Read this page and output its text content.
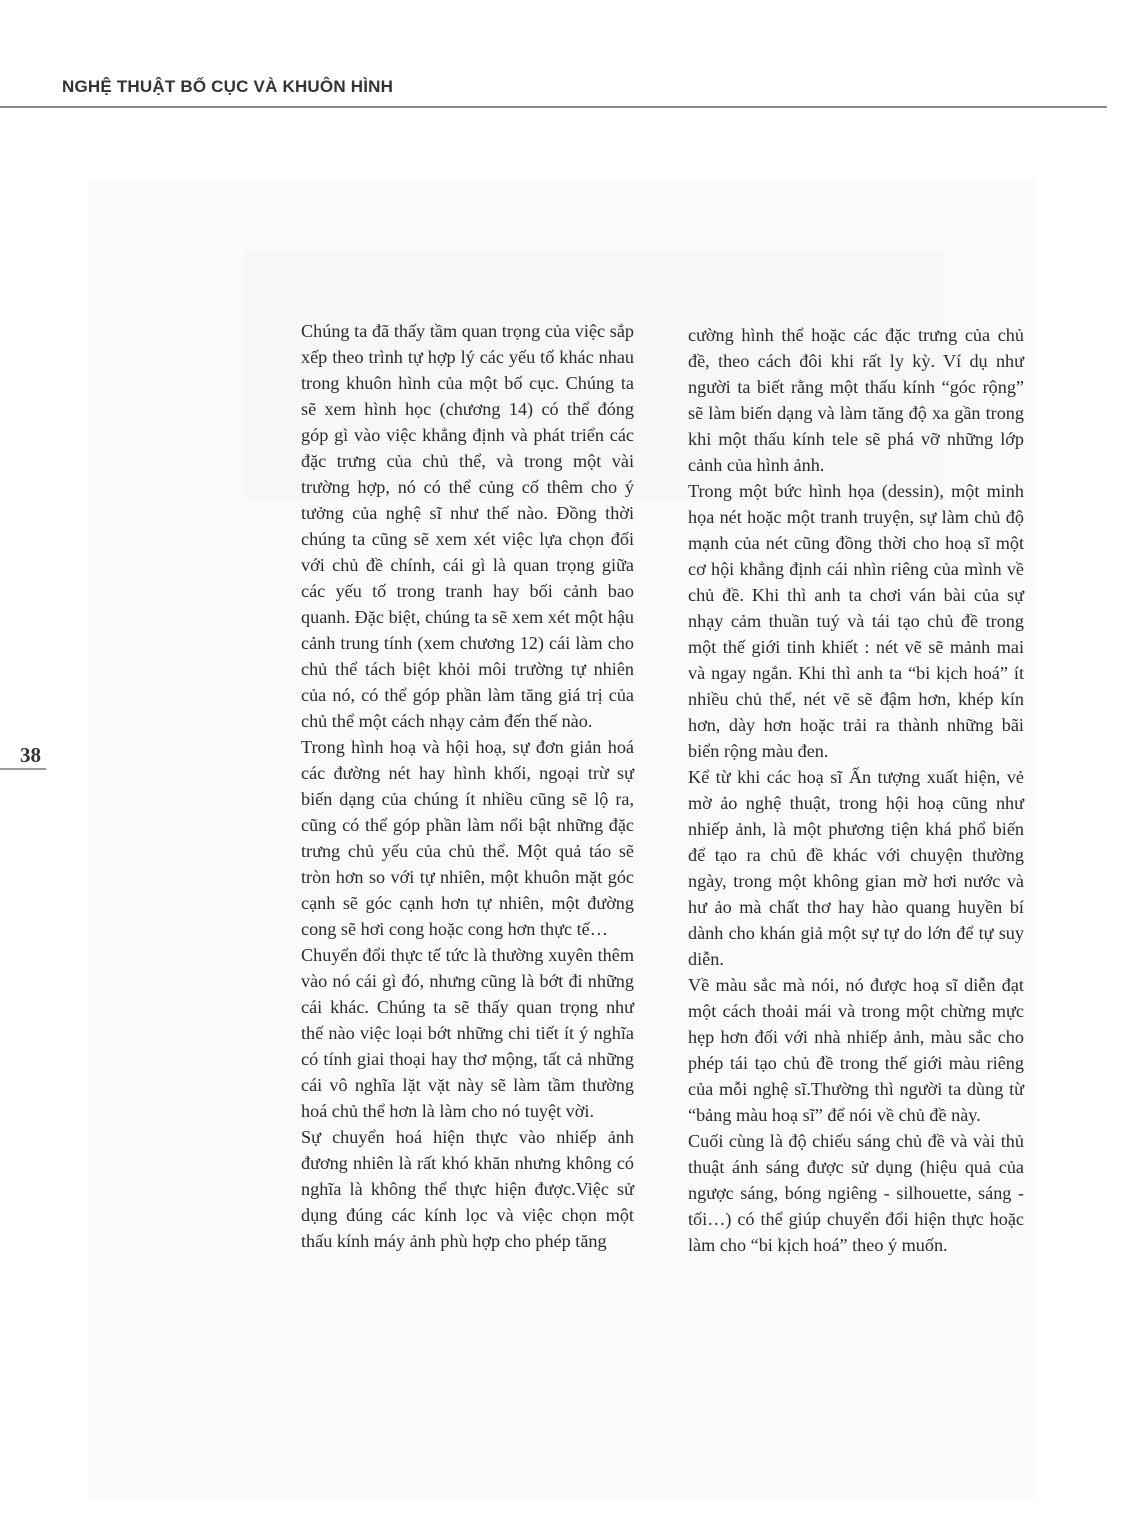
NGHỆ THUẬT BỐ CỤC VÀ KHUÔN HÌNH
38

Chúng ta đã thấy tầm quan trọng của việc sắp xếp theo trình tự hợp lý các yếu tố khác nhau trong khuôn hình của một bố cục. Chúng ta sẽ xem hình học (chương 14) có thể đóng góp gì vào việc khẳng định và phát triển các đặc trưng của chủ thể, và trong một vài trường hợp, nó có thể củng cố thêm cho ý tưởng của nghệ sĩ như thế nào. Đồng thời chúng ta cũng sẽ xem xét việc lựa chọn đối với chủ đề chính, cái gì là quan trọng giữa các yếu tố trong tranh hay bối cảnh bao quanh. Đặc biệt, chúng ta sẽ xem xét một hậu cảnh trung tính (xem chương 12) cái làm cho chủ thể tách biệt khỏi môi trường tự nhiên của nó, có thể góp phần làm tăng giá trị của chủ thể một cách nhạy cảm đến thế nào.

Trong hình hoạ và hội hoạ, sự đơn giản hoá các đường nét hay hình khối, ngoại trừ sự biến dạng của chúng ít nhiều cũng sẽ lộ ra, cũng có thể góp phần làm nổi bật những đặc trưng chủ yếu của chủ thể. Một quả táo sẽ tròn hơn so với tự nhiên, một khuôn mặt góc cạnh sẽ góc cạnh hơn tự nhiên, một đường cong sẽ hơi cong hoặc cong hơn thực tế…

Chuyển đổi thực tế tức là thường xuyên thêm vào nó cái gì đó, nhưng cũng là bớt đi những cái khác. Chúng ta sẽ thấy quan trọng như thế nào việc loại bớt những chi tiết ít ý nghĩa có tính giai thoại hay thơ mộng, tất cả những cái vô nghĩa lặt vặt này sẽ làm tầm thường hoá chủ thể hơn là làm cho nó tuyệt vời.

Sự chuyển hoá hiện thực vào nhiếp ảnh đương nhiên là rất khó khăn nhưng không có nghĩa là không thể thực hiện được.Việc sử dụng đúng các kính lọc và việc chọn một thấu kính máy ảnh phù hợp cho phép tăng

cường hình thể hoặc các đặc trưng của chủ đề, theo cách đôi khi rất ly kỳ. Ví dụ như người ta biết rằng một thấu kính “góc rộng” sẽ làm biến dạng và làm tăng độ xa gần trong khi một thấu kính tele sẽ phá vỡ những lớp cảnh của hình ảnh.

Trong một bức hình họa (dessin), một minh họa nét hoặc một tranh truyện, sự làm chủ độ mạnh của nét cũng đồng thời cho hoạ sĩ một cơ hội khẳng định cái nhìn riêng của mình về chủ đề. Khi thì anh ta chơi ván bài của sự nhạy cảm thuần tuý và tái tạo chủ đề trong một thế giới tinh khiết : nét vẽ sẽ mảnh mai và ngay ngắn. Khi thì anh ta “bi kịch hoá” ít nhiều chủ thể, nét vẽ sẽ đậm hơn, khép kín hơn, dày hơn hoặc trải ra thành những bãi biển rộng màu đen.

Kể từ khi các hoạ sĩ Ấn tượng xuất hiện, vẻ mờ ảo nghệ thuật, trong hội hoạ cũng như nhiếp ảnh, là một phương tiện khá phổ biến để tạo ra chủ đề khác với chuyện thường ngày, trong một không gian mờ hơi nước và hư ảo mà chất thơ hay hào quang huyền bí dành cho khán giả một sự tự do lớn để tự suy diễn.

Về màu sắc mà nói, nó được hoạ sĩ diễn đạt một cách thoải mái và trong một chừng mực hẹp hơn đối với nhà nhiếp ảnh, màu sắc cho phép tái tạo chủ đề trong thế giới màu riêng của mỗi nghệ sĩ.Thường thì người ta dùng từ “bảng màu hoạ sĩ” để nói về chủ đề này.

Cuối cùng là độ chiếu sáng chủ đề và vài thủ thuật ánh sáng được sử dụng (hiệu quả của ngược sáng, bóng ngiêng - silhouette, sáng - tối…) có thể giúp chuyển đổi hiện thực hoặc làm cho “bi kịch hoá” theo ý muốn.
